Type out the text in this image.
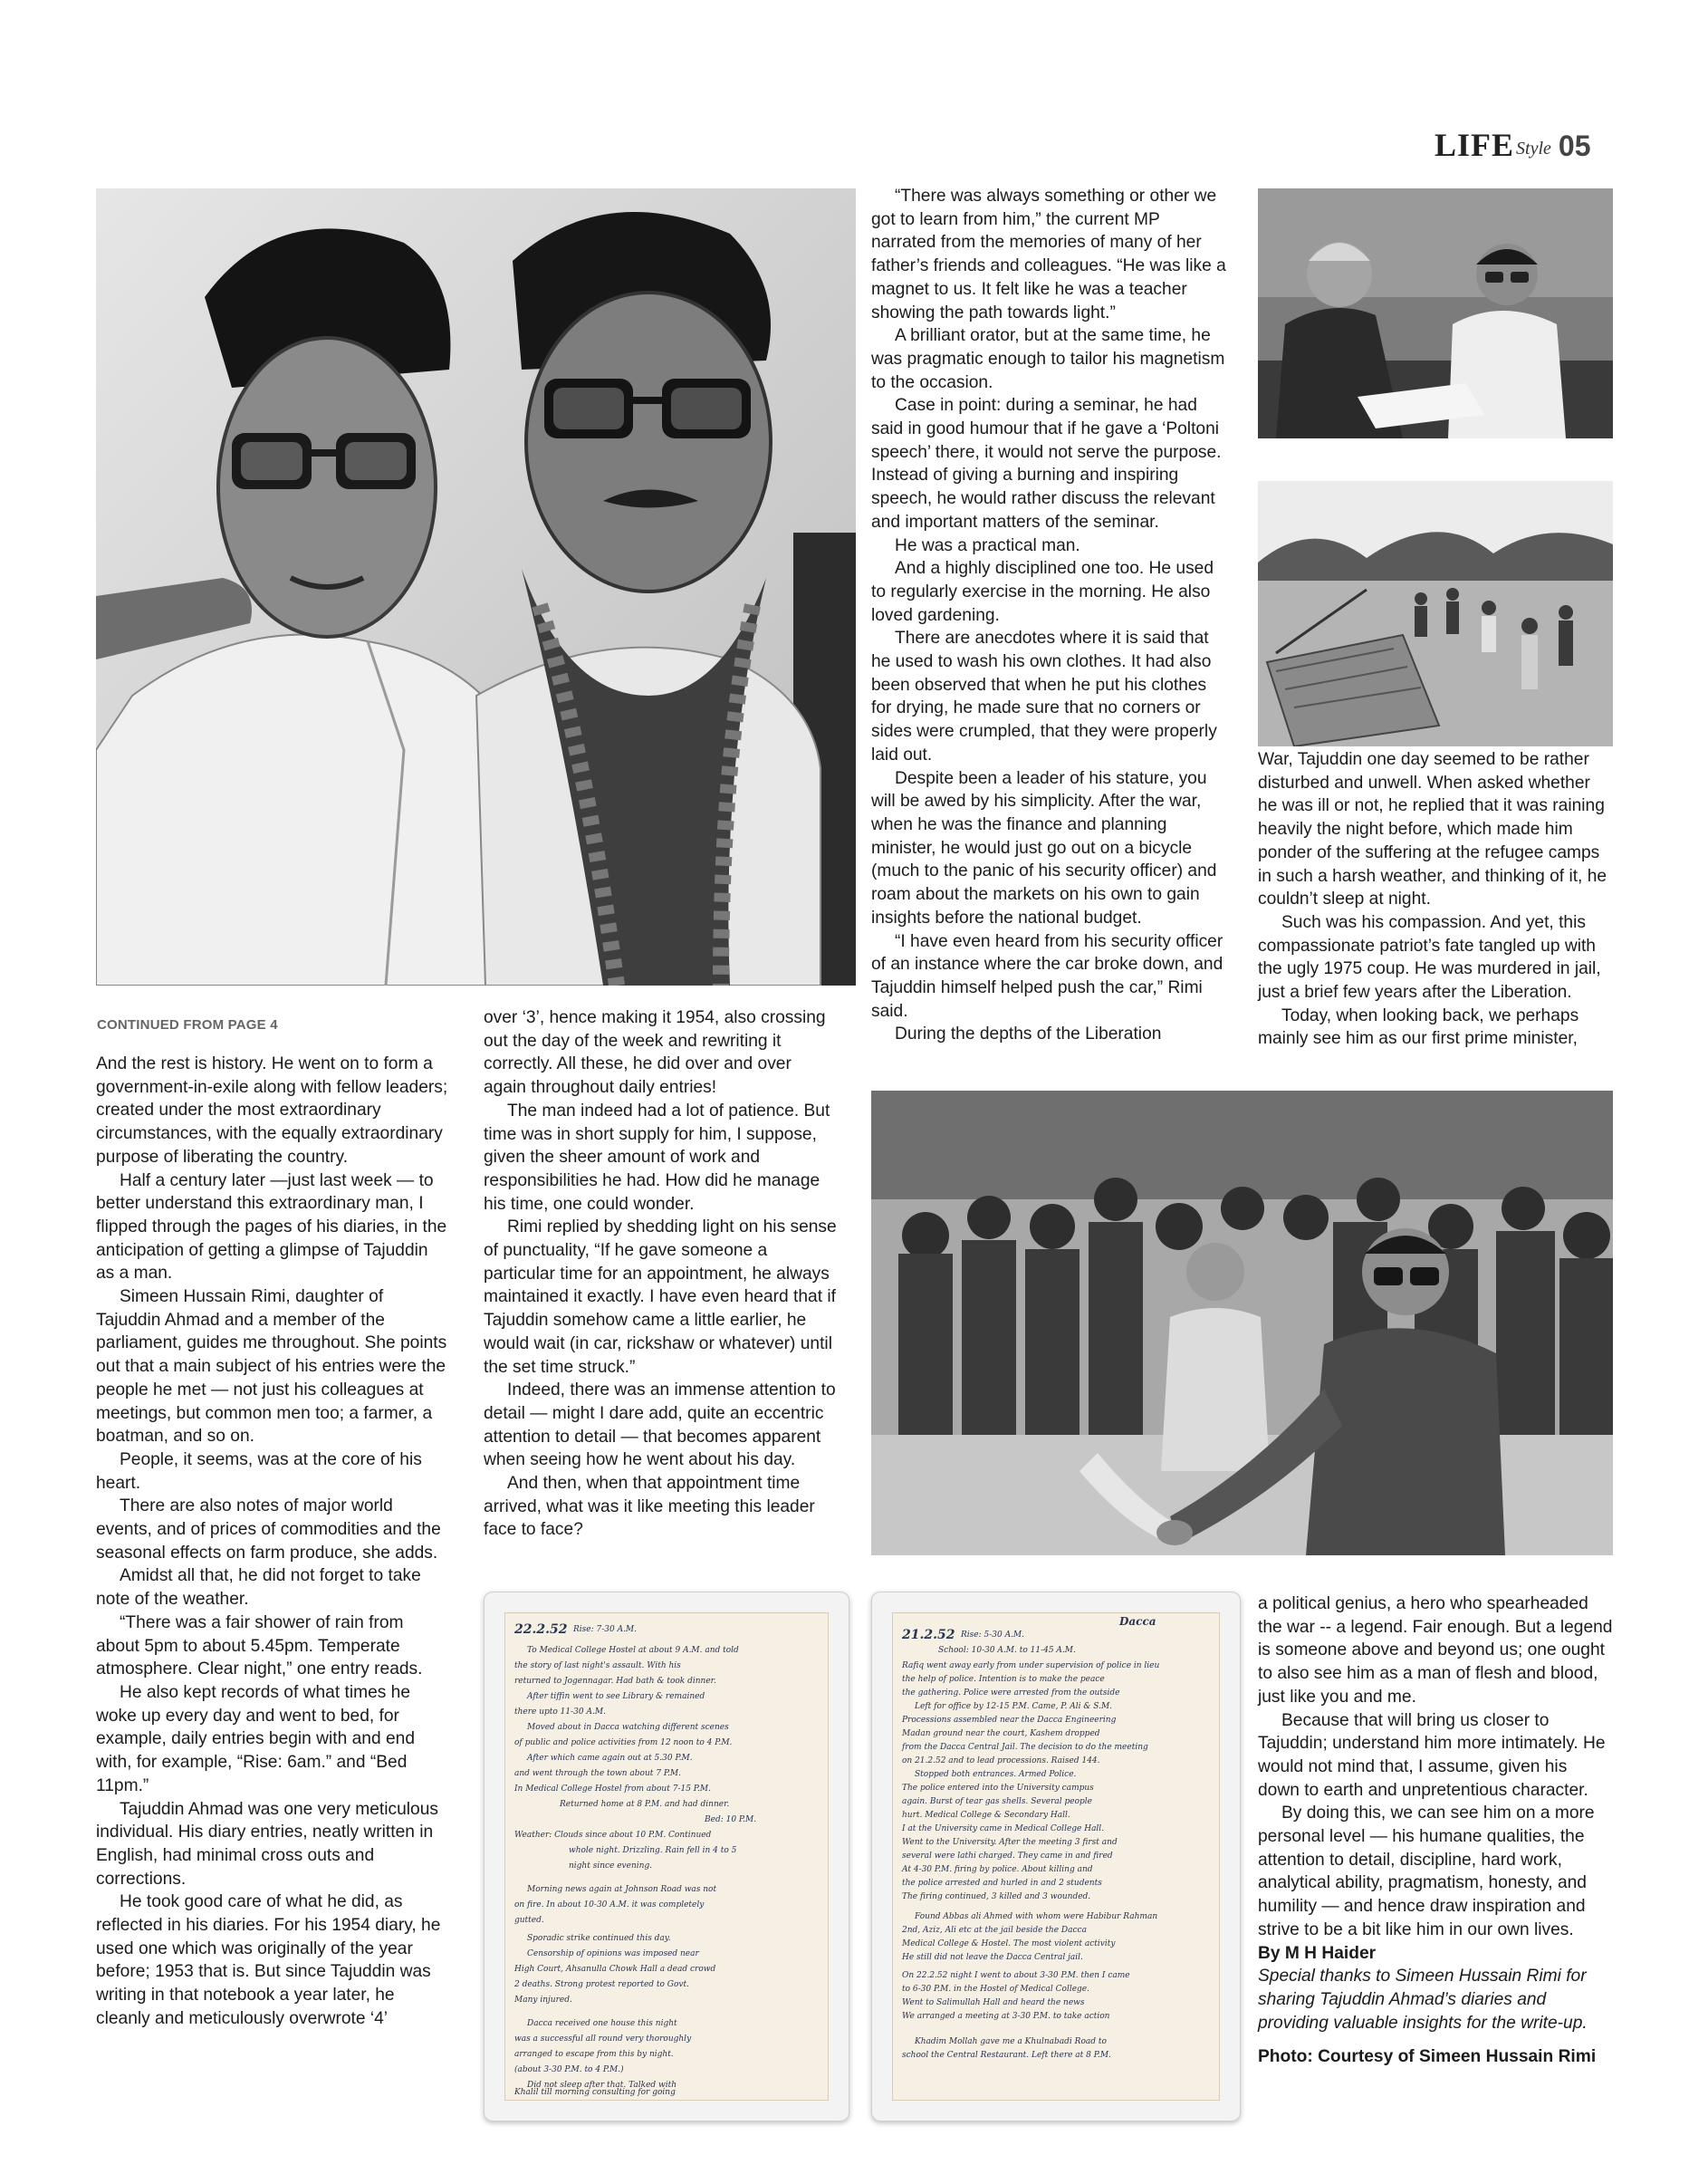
LIFE Style 05
22.2.52 Rise: 7-30 A.M.
To Medical College Hostel at about 9 A.M. and told
the story of last night's assault. With his
returned to Jogennagar. Had bath & took dinner.
After tiffin went to see Library & remained
there upto 11-30 A.M.
Moved about in Dacca watching different scenes
of public and police activities from 12 noon to 4 P.M.
After which came again out at 5.30 P.M.
and went through the town about 7 P.M.
In Medical College Hostel from about 7-15 P.M.
Returned home at 8 P.M. and had dinner.
Bed: 10 P.M.
Weather: Clouds since about 10 P.M. Continued
whole night. Drizzling. Rain fell in 4 to 5
night since evening.
Morning news again at Johnson Road was not
on fire. In about 10-30 A.M. it was completely
gutted.
Sporadic strike continued this day.
Censorship of opinions was imposed near
High Court, Ahsanulla Chowk Hall a dead crowd
2 deaths. Strong protest reported to Govt.
Many injured.
Dacca received one house this night
was a successful all round very thoroughly
arranged to escape from this by night.
(about 3-30 P.M. to 4 P.M.)
Did not sleep after that. Talked with
Khalil till morning consulting for going
Dacca
21.2.52 Rise: 5-30 A.M.
School: 10-30 A.M. to 11-45 A.M.
Rafiq went away early from under supervision of police in lieu
the help of police. Intention is to make the peace
the gathering. Police were arrested from the outside
Left for office by 12-15 P.M. Came, P. Ali & S.M.
Processions assembled near the Dacca Engineering
Madan ground near the court, Kashem dropped
from the Dacca Central Jail. The decision to do the meeting
on 21.2.52 and to lead processions. Raised 144.
Stopped both entrances. Armed Police.
The police entered into the University campus
again. Burst of tear gas shells. Several people
hurt. Medical College & Secondary Hall.
I at the University came in Medical College Hall.
Went to the University. After the meeting 3 first and
several were lathi charged. They came in and fired
At 4-30 P.M. firing by police. About killing and
the police arrested and hurled in and 2 students
The firing continued, 3 killed and 3 wounded.
Found Abbas ali Ahmed with whom were Habibur Rahman
2nd, Aziz, Ali etc at the jail beside the Dacca
Medical College & Hostel. The most violent activity
He still did not leave the Dacca Central jail.
On 22.2.52 night I went to about 3-30 P.M. then I came
to 6-30 P.M. in the Hostel of Medical College.
Went to Salimullah Hall and heard the news
We arranged a meeting at 3-30 P.M. to take action
Khadim Mollah gave me a Khulnabadi Road to
school the Central Restaurant. Left there at 8 P.M.
CONTINUED FROM PAGE 4

And the rest is history. He went on to form a government-in-exile along with fellow leaders; created under the most extraordinary circumstances, with the equally extraordinary purpose of liberating the country.

Half a century later —just last week — to better understand this extraordinary man, I flipped through the pages of his diaries, in the anticipation of getting a glimpse of Tajuddin as a man.

Simeen Hussain Rimi, daughter of Tajuddin Ahmad and a member of the parliament, guides me throughout. She points out that a main subject of his entries were the people he met — not just his colleagues at meetings, but common men too; a farmer, a boatman, and so on.

People, it seems, was at the core of his heart.

There are also notes of major world events, and of prices of commodities and the seasonal effects on farm produce, she adds.

Amidst all that, he did not forget to take note of the weather.

“There was a fair shower of rain from about 5pm to about 5.45pm. Temperate atmosphere. Clear night,” one entry reads.

He also kept records of what times he woke up every day and went to bed, for example, daily entries begin with and end with, for example, “Rise: 6am.” and “Bed 11pm.”

Tajuddin Ahmad was one very meticulous individual. His diary entries, neatly written in English, had minimal cross outs and corrections.

He took good care of what he did, as reflected in his diaries. For his 1954 diary, he used one which was originally of the year before; 1953 that is. But since Tajuddin was writing in that notebook a year later, he cleanly and meticulously overwrote ‘4’

over ‘3’, hence making it 1954, also crossing out the day of the week and rewriting it correctly. All these, he did over and over again throughout daily entries!

The man indeed had a lot of patience. But time was in short supply for him, I suppose, given the sheer amount of work and responsibilities he had. How did he manage his time, one could wonder.

Rimi replied by shedding light on his sense of punctuality, “If he gave someone a particular time for an appointment, he always maintained it exactly. I have even heard that if Tajuddin somehow came a little earlier, he would wait (in car, rickshaw or whatever) until the set time struck.”

Indeed, there was an immense attention to detail — might I dare add, quite an eccentric attention to detail — that becomes apparent when seeing how he went about his day.

And then, when that appointment time arrived, what was it like meeting this leader face to face?

“There was always something or other we got to learn from him,” the current MP narrated from the memories of many of her father’s friends and colleagues. “He was like a magnet to us. It felt like he was a teacher showing the path towards light.”

A brilliant orator, but at the same time, he was pragmatic enough to tailor his magnetism to the occasion.

Case in point: during a seminar, he had said in good humour that if he gave a ‘Poltoni speech’ there, it would not serve the purpose. Instead of giving a burning and inspiring speech, he would rather discuss the relevant and important matters of the seminar.

He was a practical man.

And a highly disciplined one too. He used to regularly exercise in the morning. He also loved gardening.

There are anecdotes where it is said that he used to wash his own clothes. It had also been observed that when he put his clothes for drying, he made sure that no corners or sides were crumpled, that they were properly laid out.

Despite been a leader of his stature, you will be awed by his simplicity. After the war, when he was the finance and planning minister, he would just go out on a bicycle (much to the panic of his security officer) and roam about the markets on his own to gain insights before the national budget.

“I have even heard from his security officer of an instance where the car broke down, and Tajuddin himself helped push the car,” Rimi said.

During the depths of the Liberation

War, Tajuddin one day seemed to be rather disturbed and unwell. When asked whether he was ill or not, he replied that it was raining heavily the night before, which made him ponder of the suffering at the refugee camps in such a harsh weather, and thinking of it, he couldn’t sleep at night.

Such was his compassion. And yet, this compassionate patriot’s fate tangled up with the ugly 1975 coup. He was murdered in jail, just a brief few years after the Liberation.

Today, when looking back, we perhaps mainly see him as our first prime minister,

a political genius, a hero who spearheaded the war -- a legend. Fair enough. But a legend is someone above and beyond us; one ought to also see him as a man of flesh and blood, just like you and me.

Because that will bring us closer to Tajuddin; understand him more intimately. He would not mind that, I assume, given his down to earth and unpretentious character.

By doing this, we can see him on a more personal level — his humane qualities, the attention to detail, discipline, hard work, analytical ability, pragmatism, honesty, and humility — and hence draw inspiration and strive to be a bit like him in our own lives.

By M H Haider

Special thanks to Simeen Hussain Rimi for sharing Tajuddin Ahmad’s diaries and providing valuable insights for the write-up.

Photo: Courtesy of Simeen Hussain Rimi
